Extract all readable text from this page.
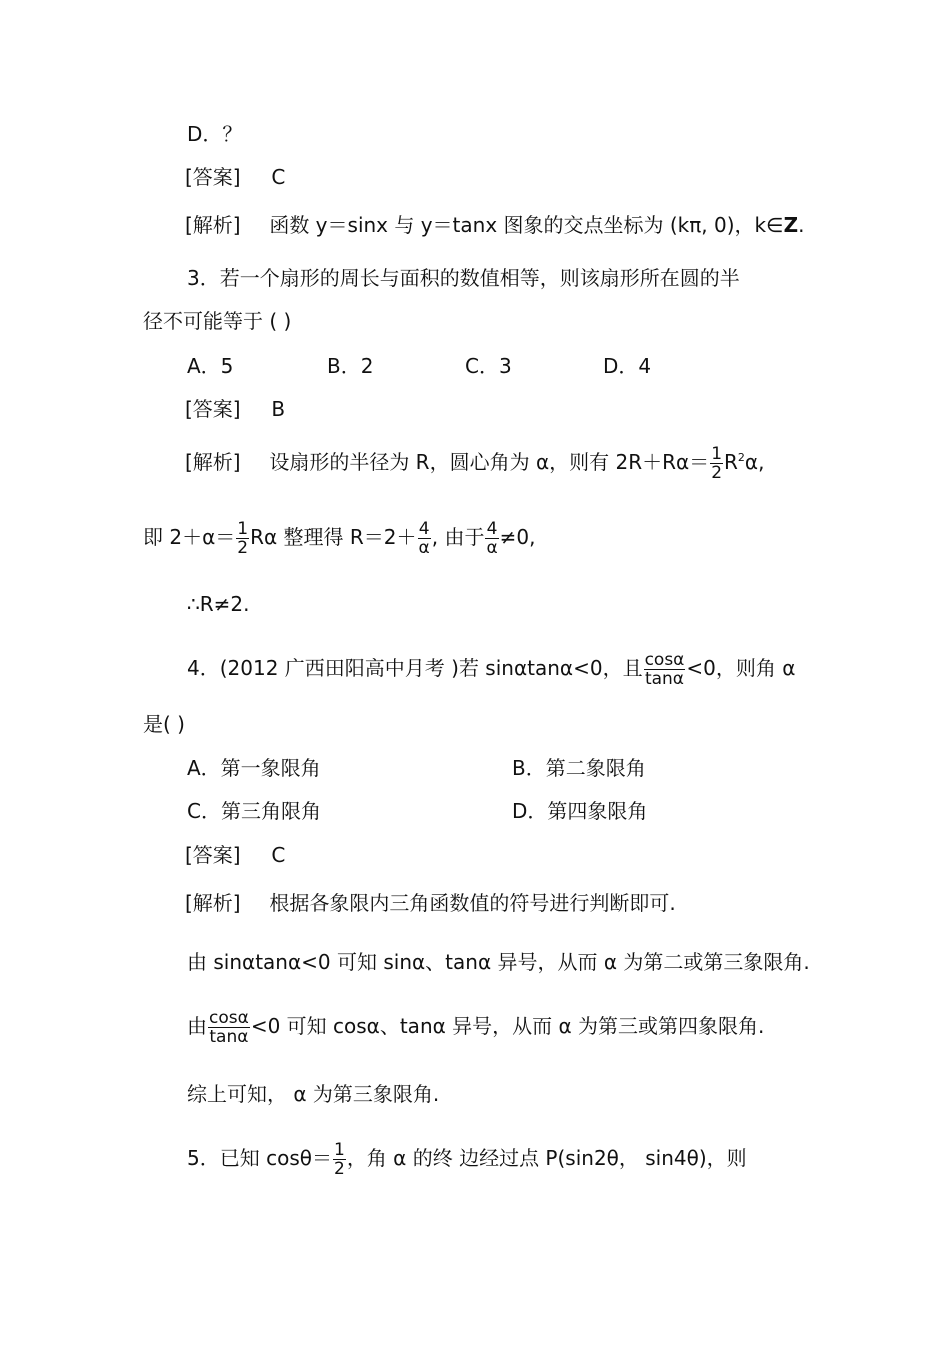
D．？
[答案] C
[解析] 函数 y＝sinx 与 y＝tanx 图象的交点坐标为 (kπ, 0)，k∈Z.
3．若一个扇形的周长与面积的数值相等，则该扇形所在圆的半
径不可能等于 ( )
A．5	B．2	C．3	D．4
[答案] B
[解析] 设扇形的半径为 R，圆心角为 α，则有 $2R+R\alpha= \frac{1}{2} R^2\alpha$,
即 $2+\alpha= \frac{1}{2}$ Rα 整理得 $R=2+ \frac{4}{\alpha}$ , 由于 $\frac{4}{\alpha} \ne 0$,
∴R≠2.
4．(2012 广西田阳高中月考 )若 sinαtanα<0，且 $\frac{\cos\alpha}{\tan\alpha} <0$，则角 α
是( )
A．第一象限角	B．第二象限角
C．第三角限角	D．第四象限角
[答案] C
[解析] 根据各象限内三角函数值的符号进行判断即可.
由 sinαtanα<0 可知 sinα、tanα 异号，从而 α 为第二或第三象限角.
由 $\frac{\cos\alpha}{\tan\alpha} <0$ 可知 cosα、tanα 异号，从而 α 为第三或第四象限角.
综上可知， α 为第三象限角.
5．已知 $\cos\theta= \frac{1}{2}$ ，角 α 的终 边经过点 P(sin2θ， sin4θ)，则
